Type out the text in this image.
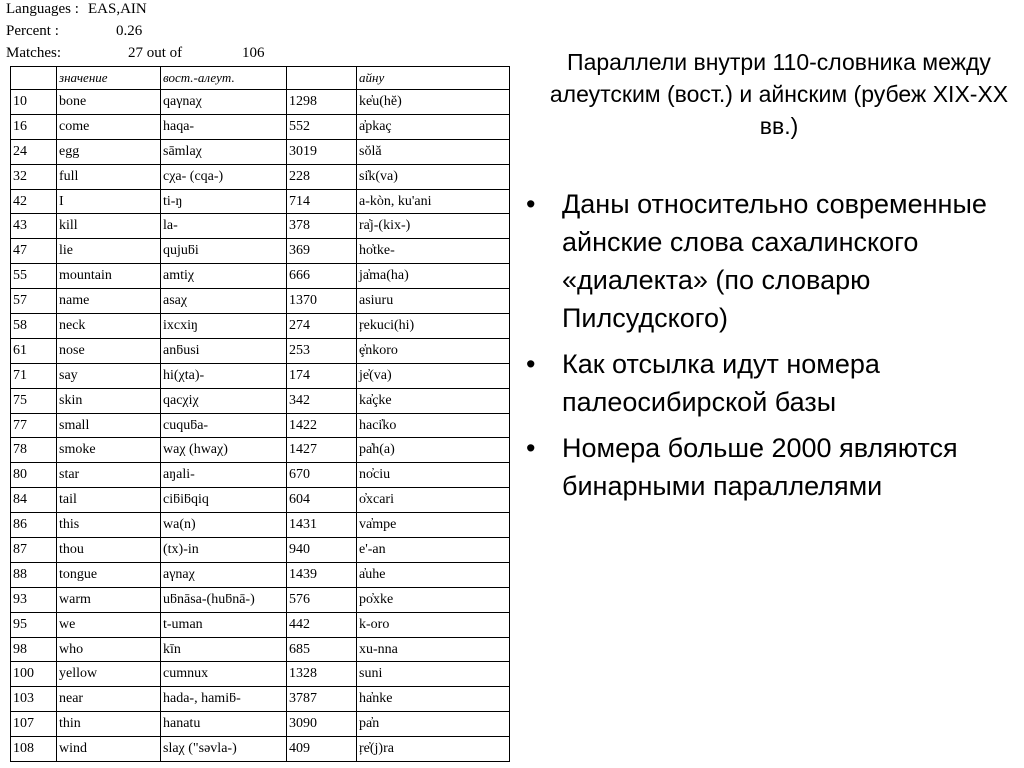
Languages : EAS,AIN
Percent :	0.26
Matches:	27 out of	106
	значение	вост.-алеут.		айну
10	bone	qaγnaχ	1298	ke̓u(hĕ)
16	come	haqa-	552	a̓pkaç
24	egg	sāmlaχ	3019	sŏlă
32	full	cχa- (cqa-)	228	si̓k(va)
42	I	ti-ŋ	714	a-kòn, ku'ani
43	kill	la-	378	ra̓j-(kix-)
47	lie	qujuƃi	369	ho̓tke-
55	mountain	amtiχ	666	ja̓ma(ha)
57	name	asaχ	1370	asiuru
58	neck	ixcxiŋ	274	ŗekuci(hi)
61	nose	anƃusi	253	ȩ̓nkoro
71	say	hi(χta)-	174	je̓(va)
75	skin	qacχiχ	342	ka̓çke
77	small	cuquƃa-	1422	haci̓ko
78	smoke	waχ (hwaχ)	1427	pa̓h(a)
80	star	aŋali-	670	no̓ciu
84	tail	ciƃiƃqiq	604	o̓xcari
86	this	wa(n)	1431	va̓mpe
87	thou	(tx)-in	940	e'-an
88	tongue	aγnaχ	1439	a̓uhe
93	warm	uƃnāsa-(huƃnā-)	576	po̓xke
95	we	t-uman	442	k-oro
98	who	kīn	685	xu-nna
100	yellow	cumnux	1328	suni
103	near	hada-, hamiƃ-	3787	ha̓nke
107	thin	hanatu	3090	pa̓n
108	wind	slaχ ("səvla-)	409	ŗe̓(j)ra
Параллели внутри 110-словника между алеутским (вост.) и айнским (рубеж XIX-XX вв.)
• Даны относительно современные айнские слова сахалинского «диалекта» (по словарю Пилсудского)
• Как отсылка идут номера палеосибирской базы
• Номера больше 2000 являются бинарными параллелями
